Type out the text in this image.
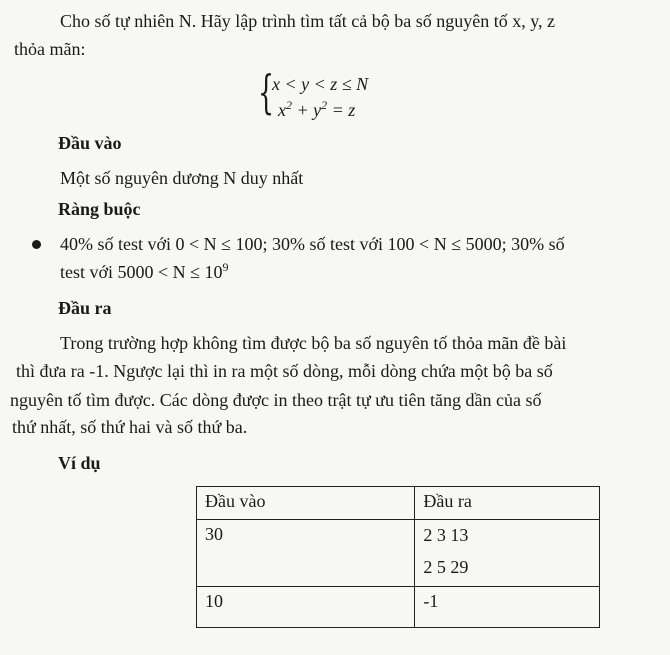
Cho số tự nhiên N. Hãy lập trình tìm tất cả bộ ba số nguyên tố x, y, z
thỏa mãn:
{
x < y < z ≤ N
$x^2 + y^2 = z$
Đầu vào
Một số nguyên dương N duy nhất
Ràng buộc
40% số test với 0 < N ≤ 100; 30% số test với 100 < N ≤ 5000; 30% số
test với $5000 < N \le 10^9$
Đầu ra
Trong trường hợp không tìm được bộ ba số nguyên tố thỏa mãn đề bài
thì đưa ra -1. Ngược lại thì in ra một số dòng, mỗi dòng chứa một bộ ba số
nguyên tố tìm được. Các dòng được in theo trật tự ưu tiên tăng dần của số
thứ nhất, số thứ hai và số thứ ba.
Ví dụ
Đầu vào	Đầu ra
30	2 3 13
2 5 29

10	-1
